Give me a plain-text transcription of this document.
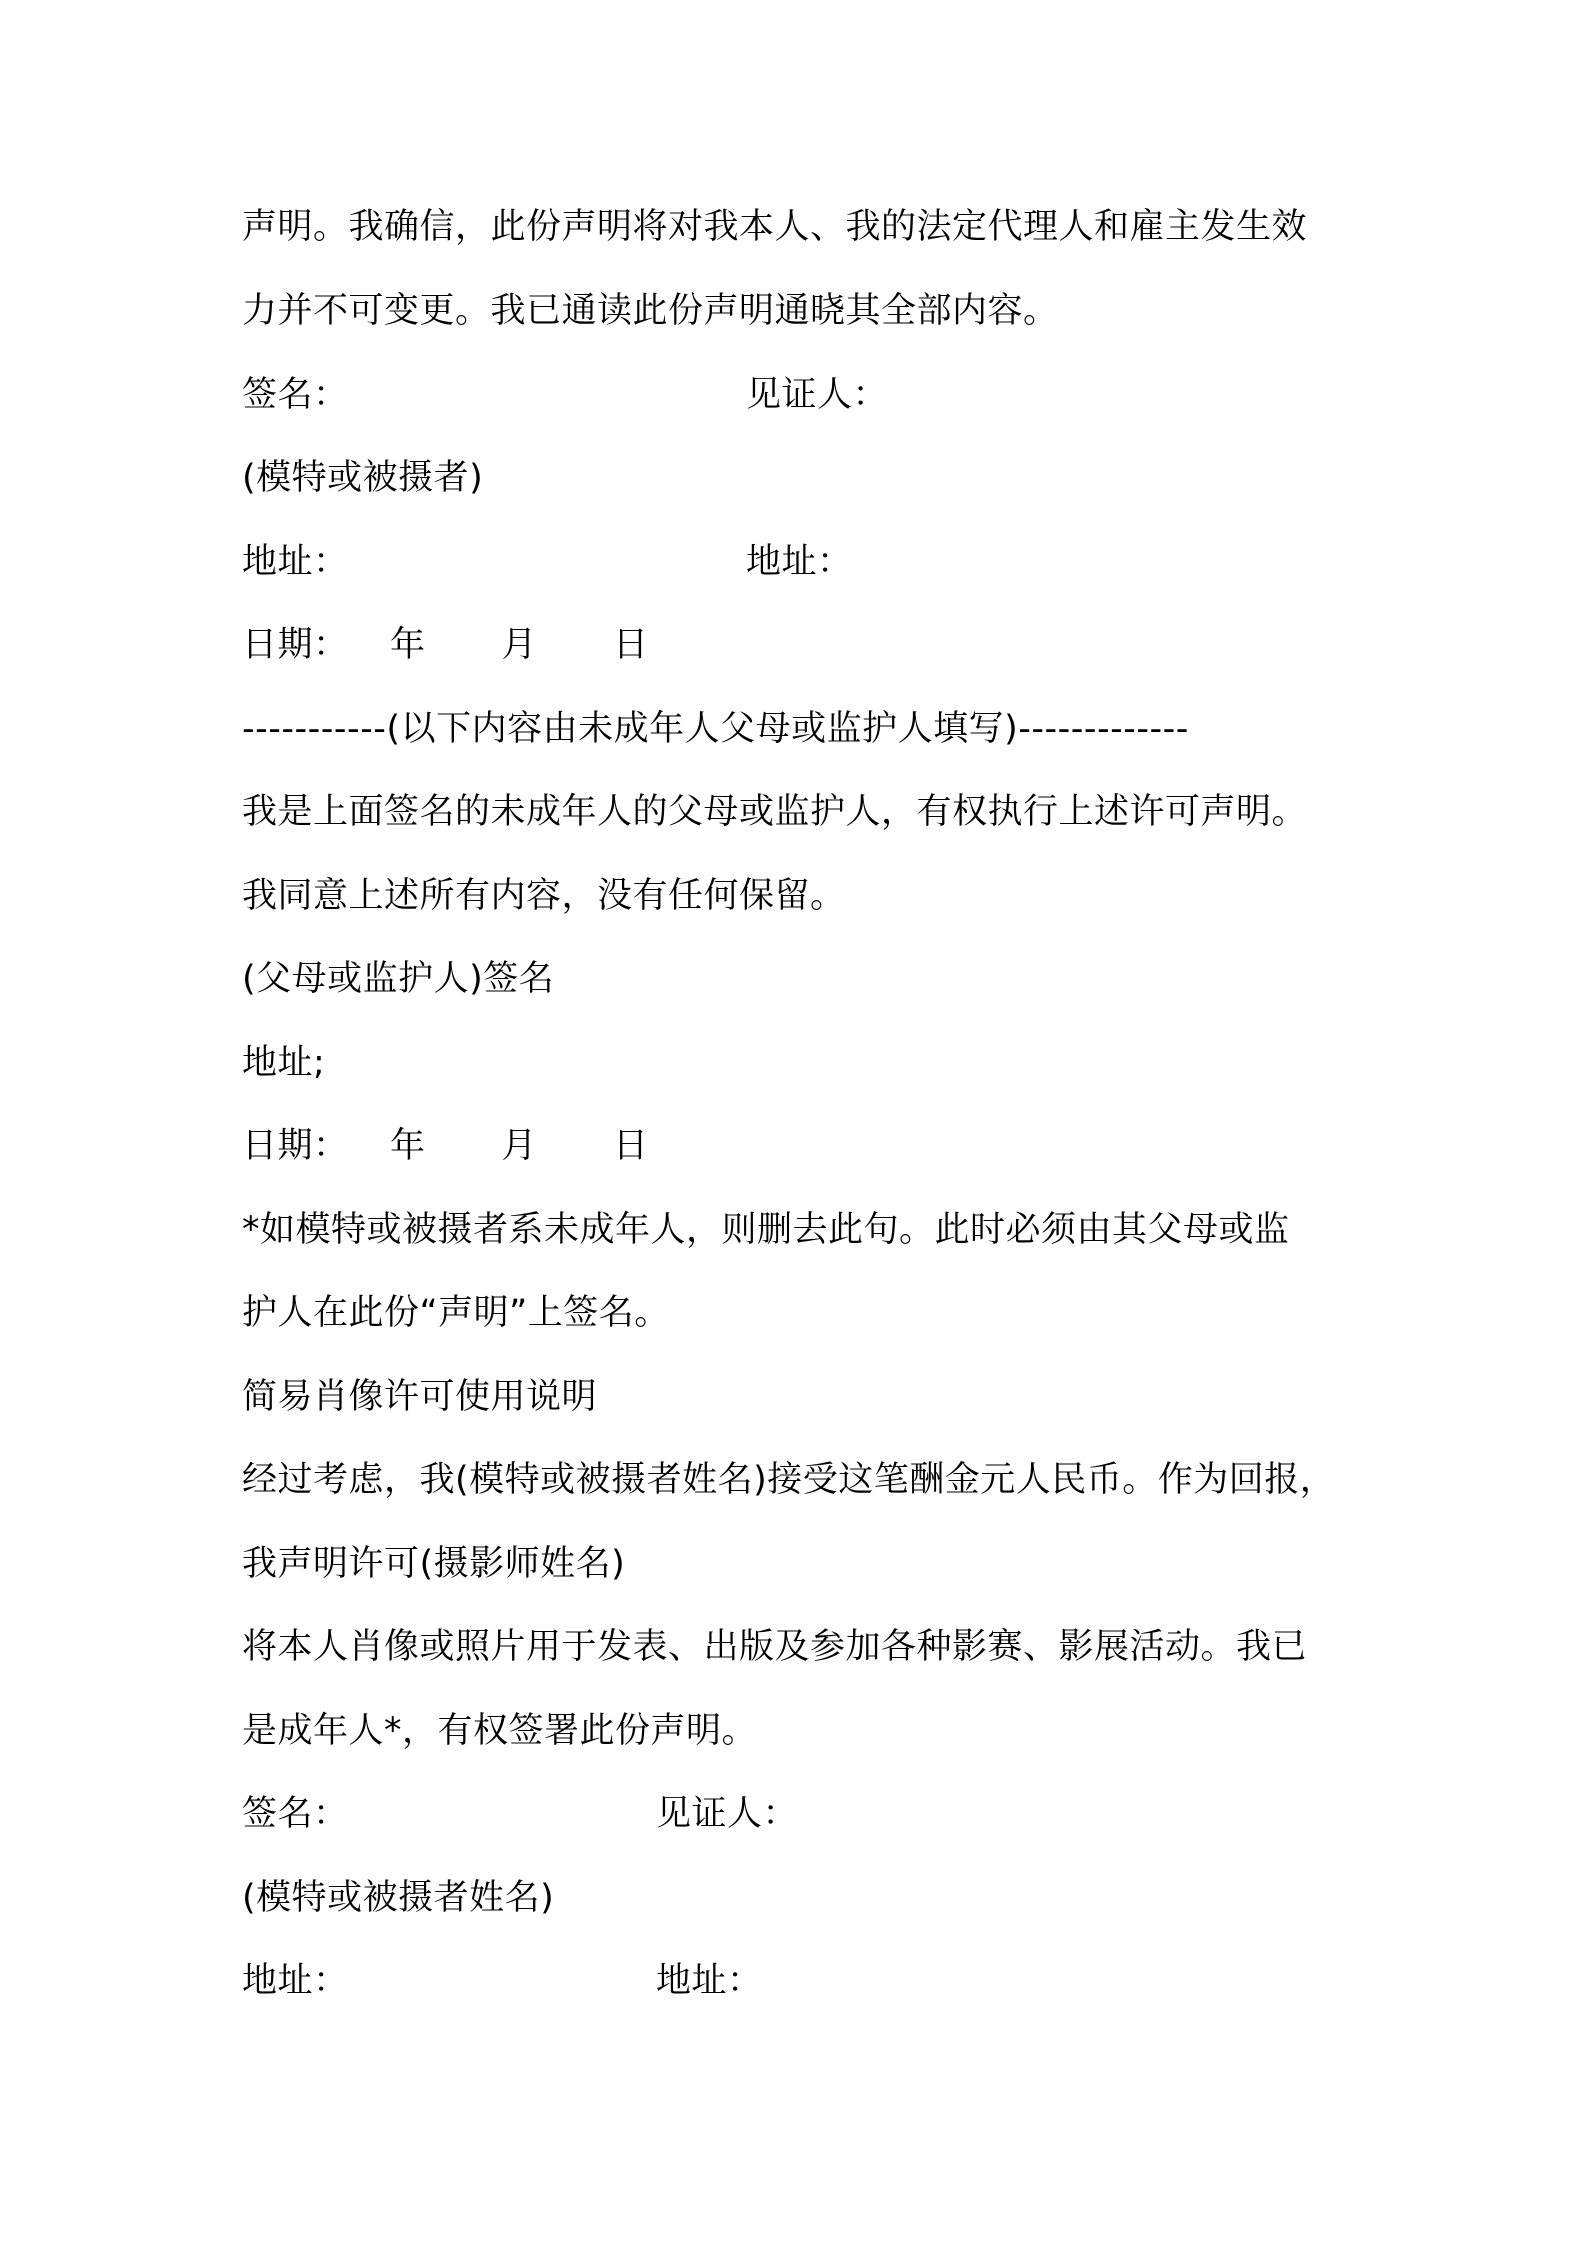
声明。我确信，此份声明将对我本人、我的法定代理人和雇主发生效
力并不可变更。我已通读此份声明通晓其全部内容。
签名：	见证人：
(模特或被摄者)
地址：	地址：
日期： 年 月 日
-----------(以下内容由未成年人父母或监护人填写)-------------
我是上面签名的未成年人的父母或监护人，有权执行上述许可声明。
我同意上述所有内容，没有任何保留。
(父母或监护人)签名
地址;
日期： 年 月 日
*如模特或被摄者系未成年人，则删去此句。此时必须由其父母或监
护人在此份“声明”上签名。
简易肖像许可使用说明
经过考虑，我(模特或被摄者姓名)接受这笔酬金元人民币。作为回报，
我声明许可(摄影师姓名)
将本人肖像或照片用于发表、出版及参加各种影赛、影展活动。我已
是成年人*，有权签署此份声明。
签名：	见证人：
(模特或被摄者姓名)
地址：	地址：
